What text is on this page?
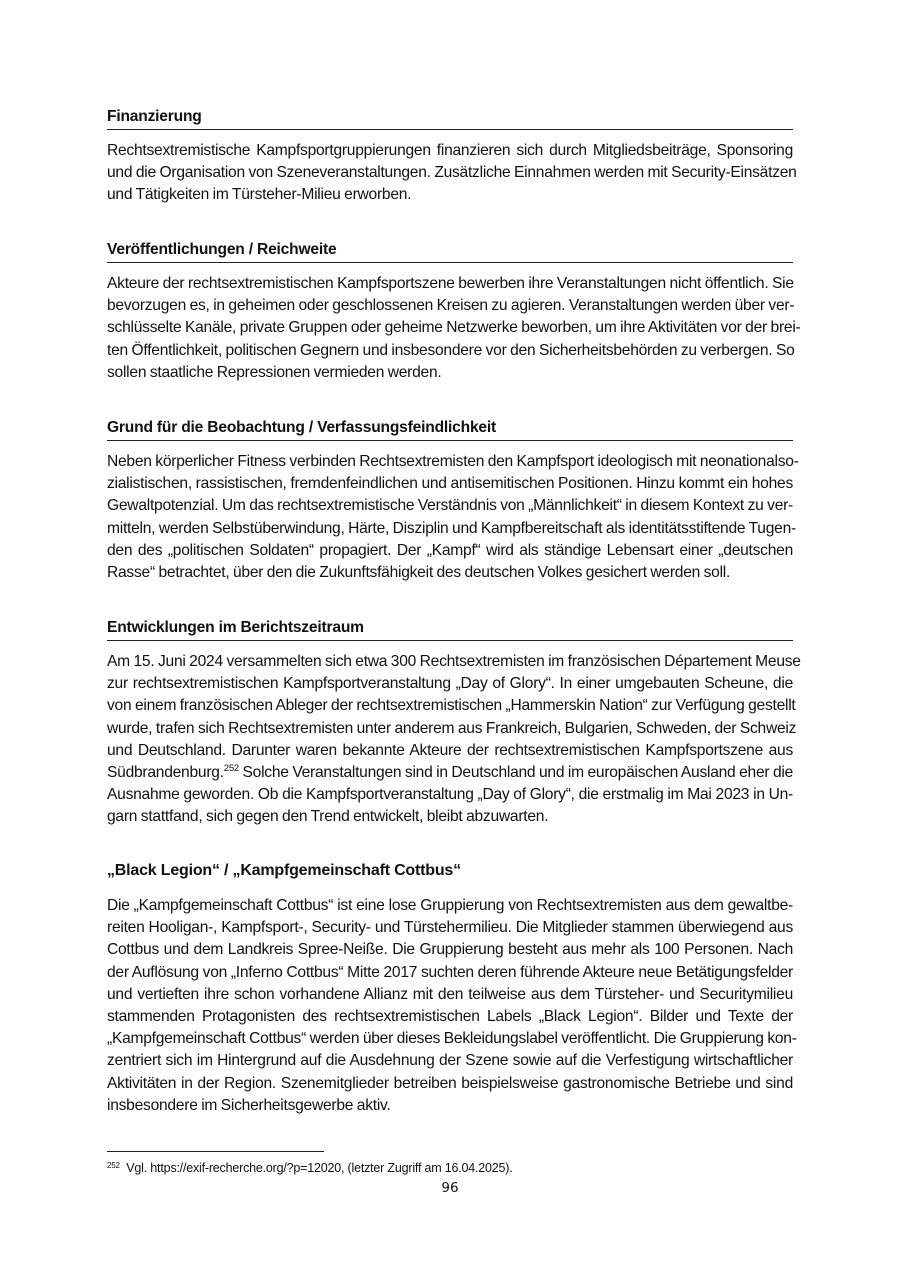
Finanzierung
Rechtsextremistische Kampfsportgruppierungen finanzieren sich durch Mitgliedsbeiträge, Sponsoring
und die Organisation von Szeneveranstaltungen. Zusätzliche Einnahmen werden mit Security-Einsätzen
und Tätigkeiten im Türsteher-Milieu erworben.
Veröffentlichungen / Reichweite
Akteure der rechtsextremistischen Kampfsportszene bewerben ihre Veranstaltungen nicht öffentlich. Sie
bevorzugen es, in geheimen oder geschlossenen Kreisen zu agieren. Veranstaltungen werden über ver-
schlüsselte Kanäle, private Gruppen oder geheime Netzwerke beworben, um ihre Aktivitäten vor der brei-
ten Öffentlichkeit, politischen Gegnern und insbesondere vor den Sicherheitsbehörden zu verbergen. So
sollen staatliche Repressionen vermieden werden.
Grund für die Beobachtung / Verfassungsfeindlichkeit
Neben körperlicher Fitness verbinden Rechtsextremisten den Kampfsport ideologisch mit neonationalso-
zialistischen, rassistischen, fremdenfeindlichen und antisemitischen Positionen. Hinzu kommt ein hohes
Gewaltpotenzial. Um das rechtsextremistische Verständnis von „Männlichkeit“ in diesem Kontext zu ver-
mitteln, werden Selbstüberwindung, Härte, Disziplin und Kampfbereitschaft als identitätsstiftende Tugen-
den des „politischen Soldaten“ propagiert. Der „Kampf“ wird als ständige Lebensart einer „deutschen
Rasse“ betrachtet, über den die Zukunftsfähigkeit des deutschen Volkes gesichert werden soll.
Entwicklungen im Berichtszeitraum
Am 15. Juni 2024 versammelten sich etwa 300 Rechtsextremisten im französischen Département Meuse
zur rechtsextremistischen Kampfsportveranstaltung „Day of Glory“. In einer umgebauten Scheune, die
von einem französischen Ableger der rechtsextremistischen „Hammerskin Nation“ zur Verfügung gestellt
wurde, trafen sich Rechtsextremisten unter anderem aus Frankreich, Bulgarien, Schweden, der Schweiz
und Deutschland. Darunter waren bekannte Akteure der rechtsextremistischen Kampfsportszene aus
Südbrandenburg.$^{252}$ Solche Veranstaltungen sind in Deutschland und im europäischen Ausland eher die
Ausnahme geworden. Ob die Kampfsportveranstaltung „Day of Glory“, die erstmalig im Mai 2023 in Un-
garn stattfand, sich gegen den Trend entwickelt, bleibt abzuwarten.
„Black Legion“ / „Kampfgemeinschaft Cottbus“
Die „Kampfgemeinschaft Cottbus“ ist eine lose Gruppierung von Rechtsextremisten aus dem gewaltbe-
reiten Hooligan-, Kampfsport-, Security- und Türstehermilieu. Die Mitglieder stammen überwiegend aus
Cottbus und dem Landkreis Spree-Neiße. Die Gruppierung besteht aus mehr als 100 Personen. Nach
der Auflösung von „Inferno Cottbus“ Mitte 2017 suchten deren führende Akteure neue Betätigungsfelder
und vertieften ihre schon vorhandene Allianz mit den teilweise aus dem Türsteher- und Securitymilieu
stammenden Protagonisten des rechtsextremistischen Labels „Black Legion“. Bilder und Texte der
„Kampfgemeinschaft Cottbus“ werden über dieses Bekleidungslabel veröffentlicht. Die Gruppierung kon-
zentriert sich im Hintergrund auf die Ausdehnung der Szene sowie auf die Verfestigung wirtschaftlicher
Aktivitäten in der Region. Szenemitglieder betreiben beispielsweise gastronomische Betriebe und sind
insbesondere im Sicherheitsgewerbe aktiv.
$^{252}$ Vgl. https://exif-recherche.org/?p=12020, (letzter Zugriff am 16.04.2025).
96
